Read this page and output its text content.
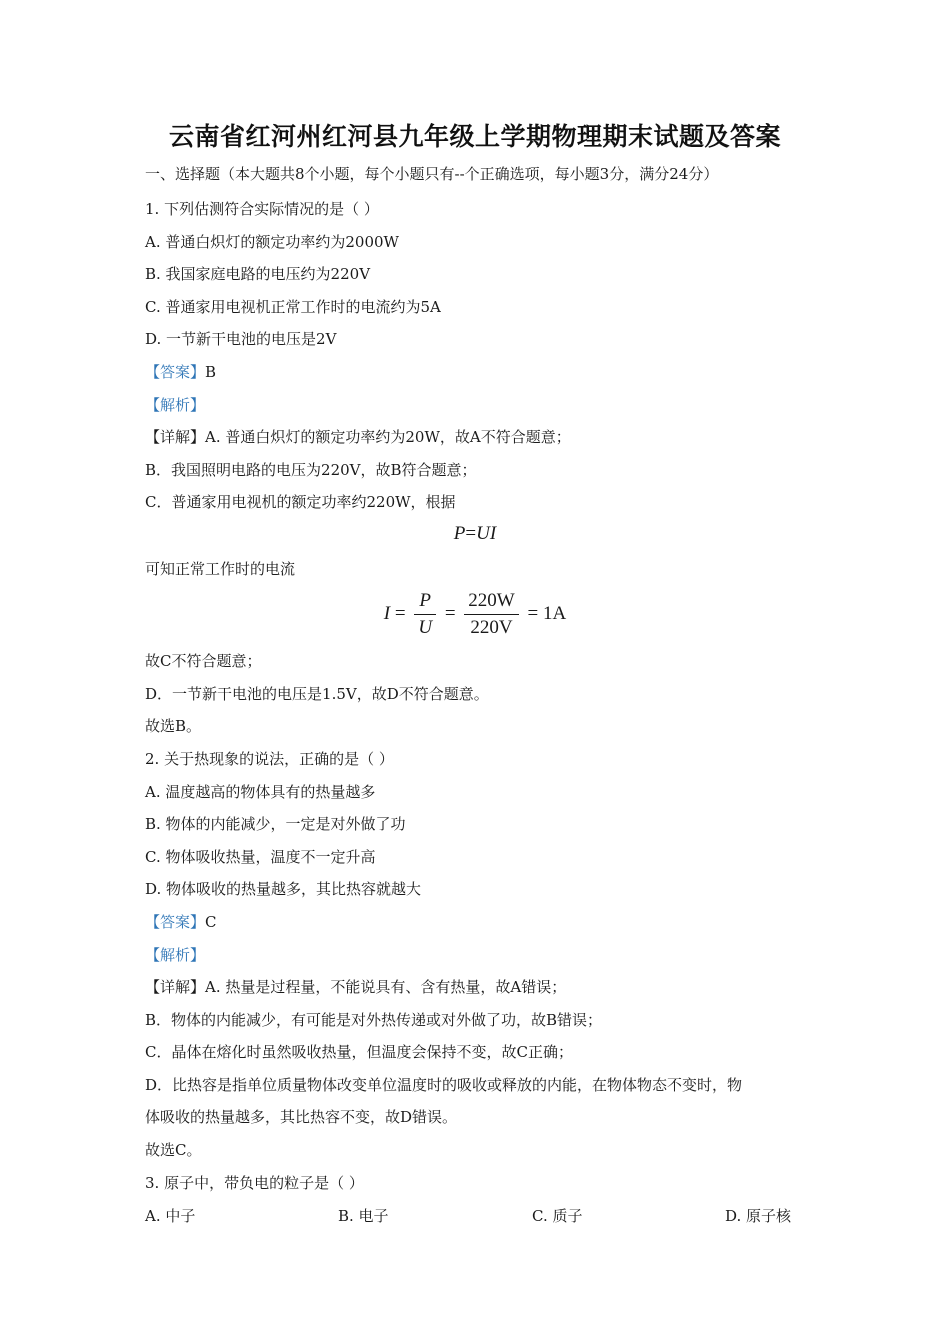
云南省红河州红河县九年级上学期物理期末试题及答案
一、选择题（本大题共8个小题，每个小题只有--个正确选项，每小题3分，满分24分）
1. 下列估测符合实际情况的是（ ）
A. 普通白炽灯的额定功率约为2000W
B. 我国家庭电路的电压约为220V
C. 普通家用电视机正常工作时的电流约为5A
D. 一节新干电池的电压是2V
【答案】B
【解析】
【详解】A. 普通白炽灯的额定功率约为20W，故A不符合题意；
B．我国照明电路的电压为220V，故B符合题意；
C．普通家用电视机的额定功率约220W，根据
P=UI
可知正常工作时的电流
$I = \frac{P}{U} = \frac{220W}{220V} = 1A$
故C不符合题意；
D．一节新干电池的电压是1.5V，故D不符合题意。
故选B。
2. 关于热现象的说法，正确的是（ ）
A. 温度越高的物体具有的热量越多
B. 物体的内能减少，一定是对外做了功
C. 物体吸收热量，温度不一定升高
D. 物体吸收的热量越多，其比热容就越大
【答案】C
【解析】
【详解】A. 热量是过程量，不能说具有、含有热量，故A错误；
B．物体的内能减少，有可能是对外热传递或对外做了功，故B错误；
C．晶体在熔化时虽然吸收热量，但温度会保持不变，故C正确；
D．比热容是指单位质量物体改变单位温度时的吸收或释放的内能，在物体物态不变时，物
体吸收的热量越多，其比热容不变，故D错误。
故选C。
3. 原子中，带负电的粒子是（ ）
A. 中子	B. 电子	C. 质子	D. 原子核
